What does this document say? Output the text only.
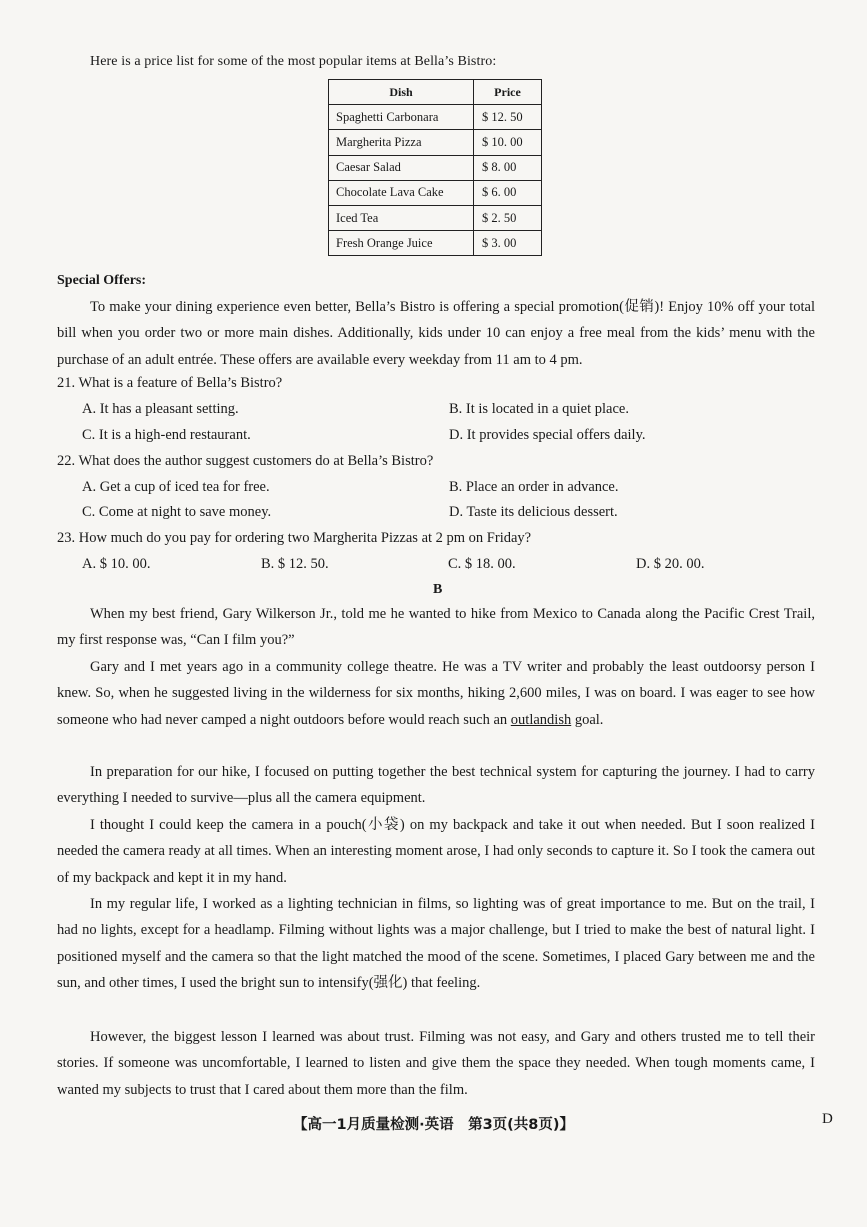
Here is a price list for some of the most popular items at Bella’s Bistro:
Dish	Price
Spaghetti Carbonara	$ 12. 50
Margherita Pizza	$ 10. 00
Caesar Salad	$ 8. 00
Chocolate Lava Cake	$ 6. 00
Iced Tea	$ 2. 50
Fresh Orange Juice	$ 3. 00
Special Offers:
To make your dining experience even better, Bella’s Bistro is offering a special promotion(促销)! Enjoy 10% off your total bill when you order two or more main dishes. Additionally, kids under 10 can enjoy a free meal from the kids’ menu with the purchase of an adult entrée. These offers are available every weekday from 11 am to 4 pm.
21. What is a feature of Bella’s Bistro?
A. It has a pleasant setting.	B. It is located in a quiet place.
C. It is a high-end restaurant.	D. It provides special offers daily.
22. What does the author suggest customers do at Bella’s Bistro?
A. Get a cup of iced tea for free.	B. Place an order in advance.
C. Come at night to save money.	D. Taste its delicious dessert.
23. How much do you pay for ordering two Margherita Pizzas at 2 pm on Friday?
A. $ 10. 00.	B. $ 12. 50.	C. $ 18. 00.	D. $ 20. 00.
B
When my best friend, Gary Wilkerson Jr., told me he wanted to hike from Mexico to Canada along the Pacific Crest Trail, my first response was, “Can I film you?”
Gary and I met years ago in a community college theatre. He was a TV writer and probably the least outdoorsy person I knew. So, when he suggested living in the wilderness for six months, hiking 2,600 miles, I was on board. I was eager to see how someone who had never camped a night outdoors before would reach such an outlandish goal.
In preparation for our hike, I focused on putting together the best technical system for capturing the journey. I had to carry everything I needed to survive—plus all the camera equipment.
I thought I could keep the camera in a pouch(小袋) on my backpack and take it out when needed. But I soon realized I needed the camera ready at all times. When an interesting moment arose, I had only seconds to capture it. So I took the camera out of my backpack and kept it in my hand.
In my regular life, I worked as a lighting technician in films, so lighting was of great importance to me. But on the trail, I had no lights, except for a headlamp. Filming without lights was a major challenge, but I tried to make the best of natural light. I positioned myself and the camera so that the light matched the mood of the scene. Sometimes, I placed Gary between me and the sun, and other times, I used the bright sun to intensify(强化) that feeling.
However, the biggest lesson I learned was about trust. Filming was not easy, and Gary and others trusted me to tell their stories. If someone was uncomfortable, I learned to listen and give them the space they needed. When tough moments came, I wanted my subjects to trust that I cared about them more than the film.
【高一1月质量检测·英语　第3页(共8页)】	D
